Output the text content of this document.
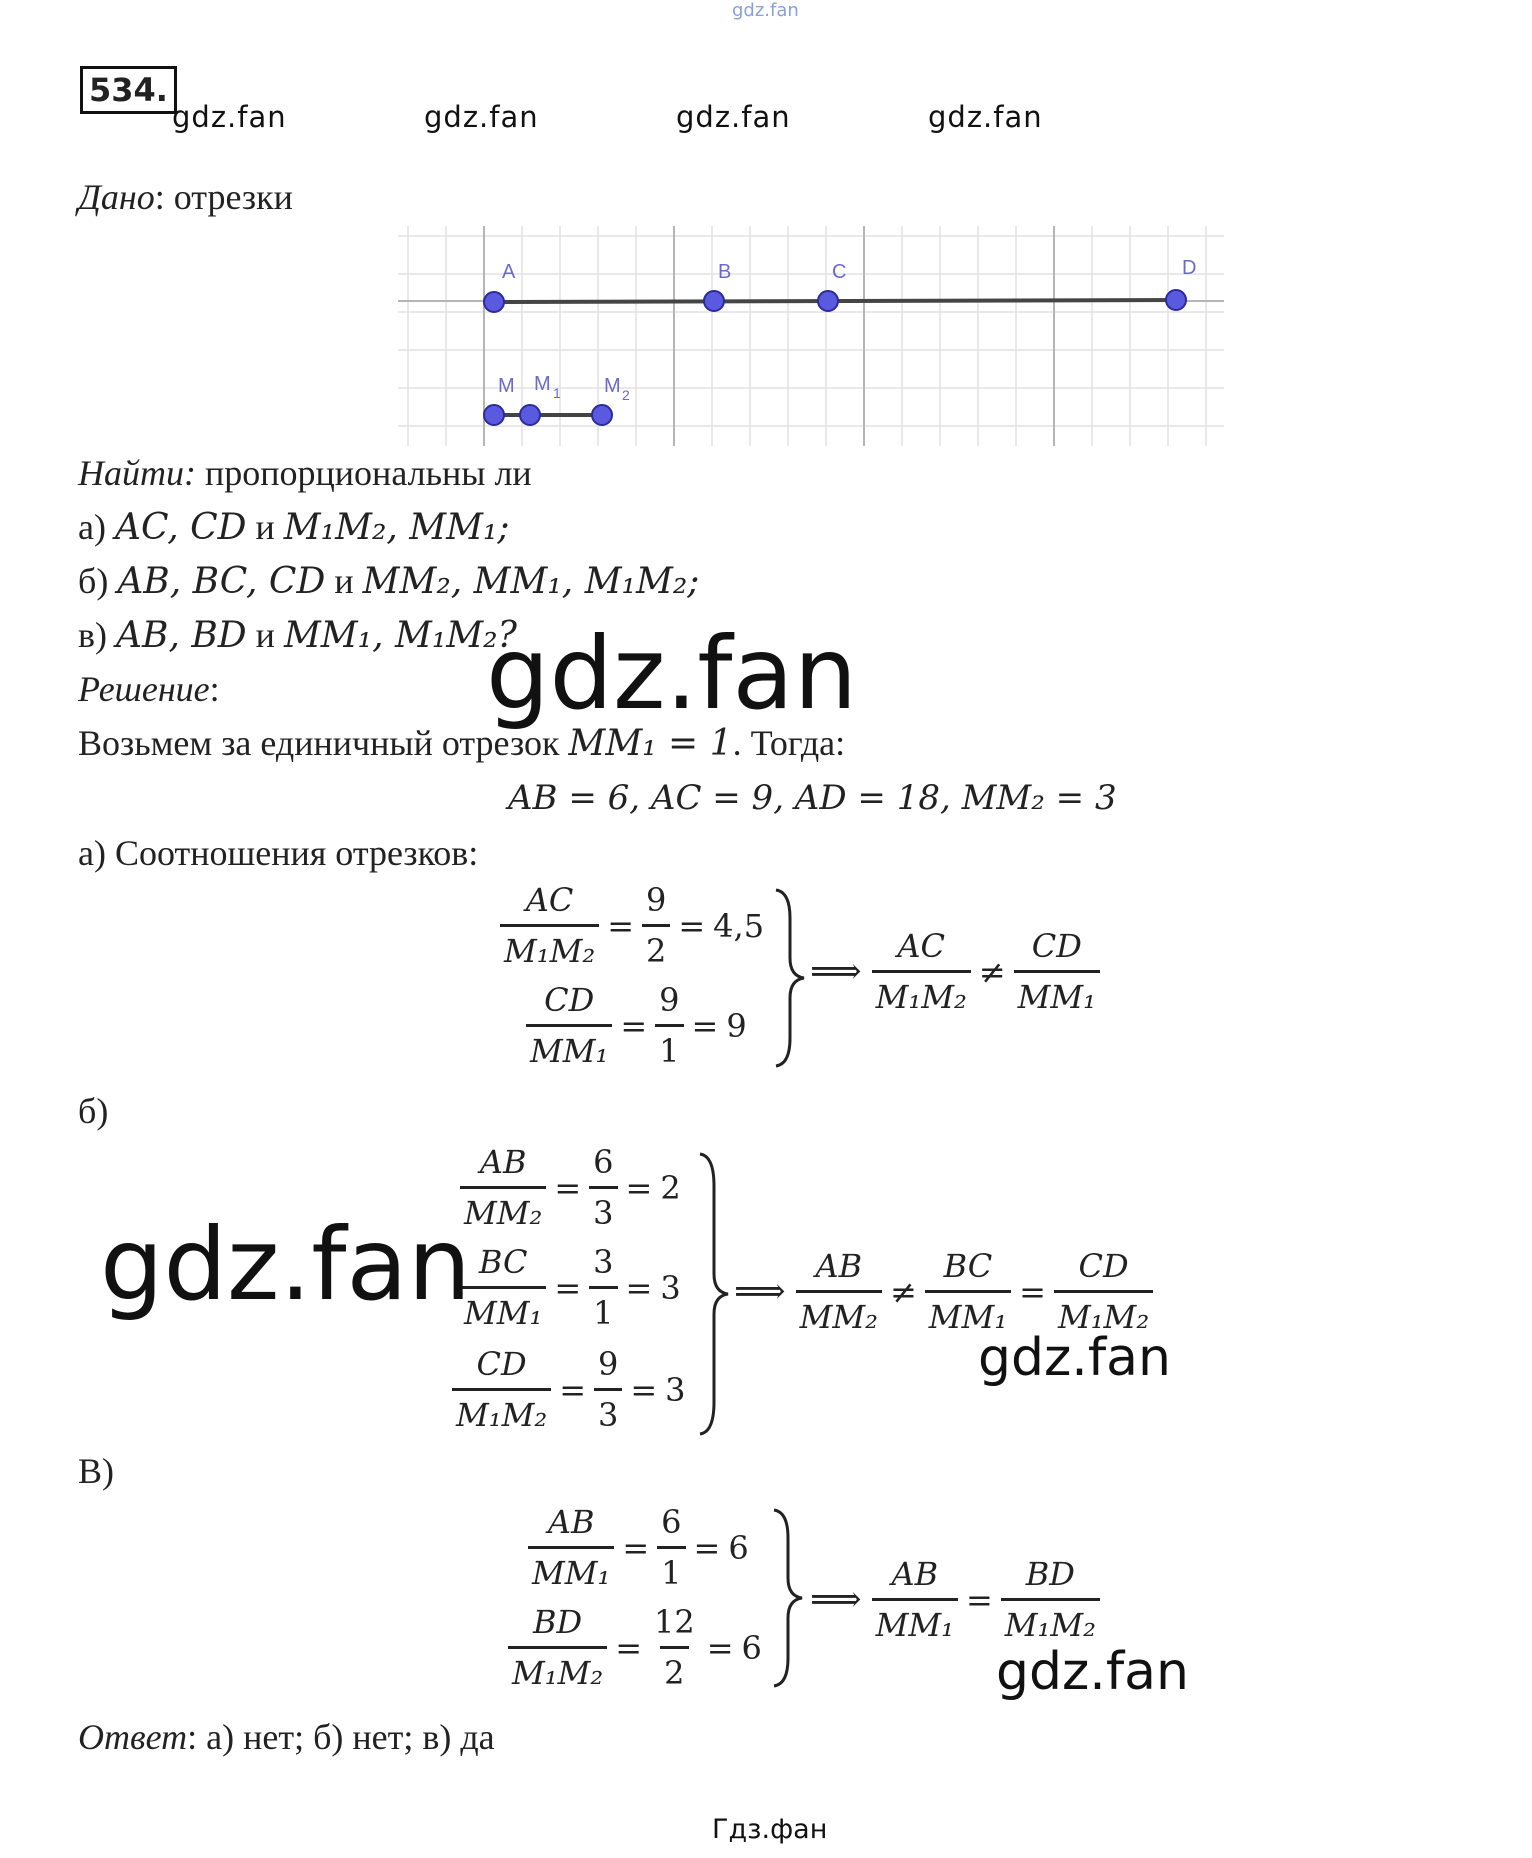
gdz.fan
534.
gdz.fan	gdz.fan	gdz.fan	gdz.fan
Дано: отрезки
A	B	C	D
M M 1 M 2
Найти: пропорциональны ли
а) AC, CD и M₁M₂, MM₁;
б) AB, BC, CD и MM₂, MM₁, M₁M₂;
в) AB, BD и MM₁, M₁M₂?
Решение:	gdz.fan
Возьмем за единичный отрезок MM₁ = 1. Тогда:
AB = 6, AC = 9, AD = 18, MM₂ = 3
а) Соотношения отрезков:
$\frac{AC}{\text{M₁M₂}} = \frac{9}{2} = 4,5$
$\frac{CD}{\text{MM₁}} = \frac{9}{1} = 9$
⟹ $\frac{AC}{\text{M₁M₂}} \ne \frac{CD}{\text{MM₁}}$
б)
$\frac{AB}{\text{MM₂}} = \frac{6}{3} = 2$
$\frac{BC}{\text{MM₁}} = \frac{3}{1} = 3$
$\frac{CD}{\text{M₁M₂}} = \frac{9}{3} = 3$
⟹ $\frac{AB}{\text{MM₂}} \ne \frac{BC}{\text{MM₁}} = \frac{CD}{\text{M₁M₂}}$
gdz.fan
gdz.fan
В)
$\frac{AB}{\text{MM₁}} = \frac{6}{1} = 6$
$\frac{BD}{\text{M₁M₂}} = \frac{12}{2} = 6$
⟹ $\frac{AB}{\text{MM₁}} = \frac{BD}{\text{M₁M₂}}$
gdz.fan
Ответ: а) нет; б) нет; в) да
Гдз.фан
